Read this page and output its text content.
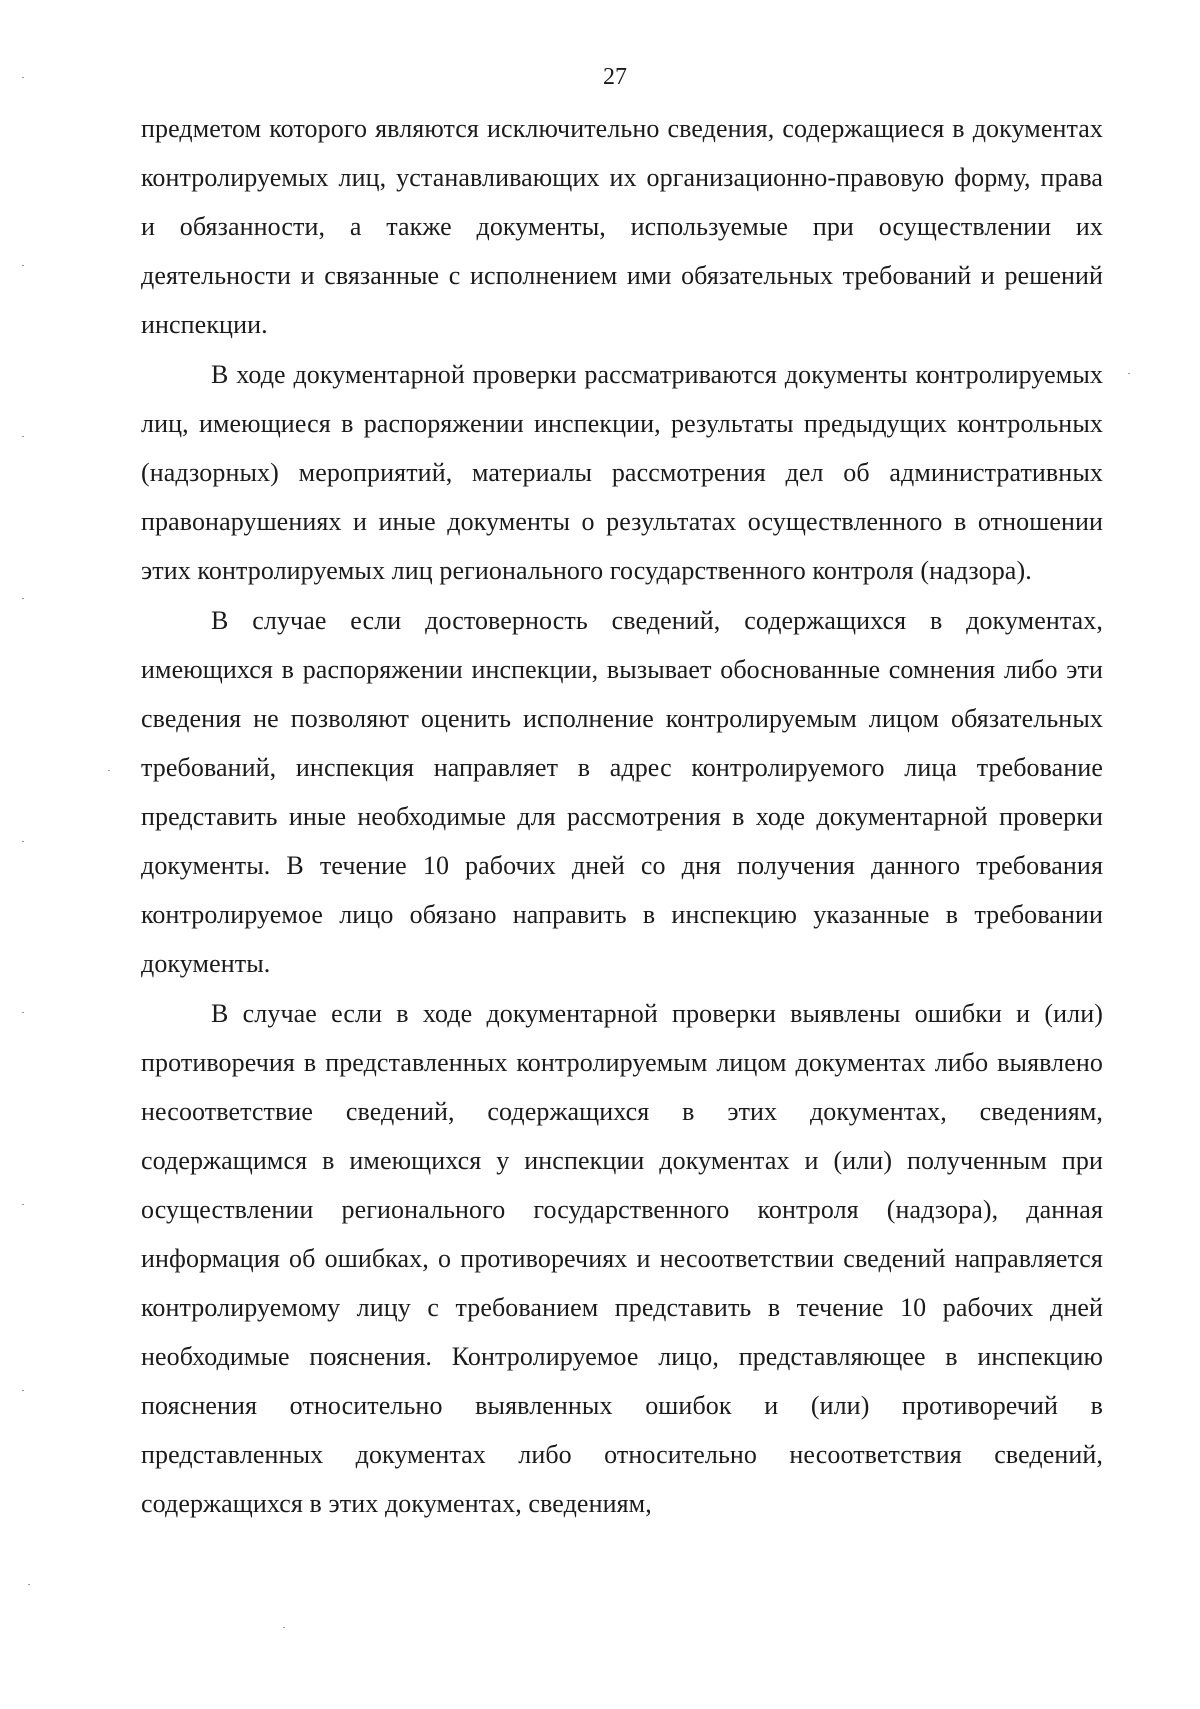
27

предметом которого являются исключительно сведения, содержащиеся в документах контролируемых лиц, устанавливающих их организационно-правовую форму, права и обязанности, а также документы, используемые при осуществлении их деятельности и связанные с исполнением ими обязательных требований и решений инспекции.

В ходе документарной проверки рассматриваются документы контролируемых лиц, имеющиеся в распоряжении инспекции, результаты предыдущих контрольных (надзорных) мероприятий, материалы рассмотрения дел об административных правонарушениях и иные документы о результатах осуществленного в отношении этих контролируемых лиц регионального государственного контроля (надзора).

В случае если достоверность сведений, содержащихся в документах, имеющихся в распоряжении инспекции, вызывает обоснованные сомнения либо эти сведения не позволяют оценить исполнение контролируемым лицом обязательных требований, инспекция направляет в адрес контролируемого лица требование представить иные необходимые для рассмотрения в ходе документарной проверки документы. В течение 10 рабочих дней со дня получения данного требования контролируемое лицо обязано направить в инспекцию указанные в требовании документы.

В случае если в ходе документарной проверки выявлены ошибки и (или) противоречия в представленных контролируемым лицом документах либо выявлено несоответствие сведений, содержащихся в этих документах, сведениям, содержащимся в имеющихся у инспекции документах и (или) полученным при осуществлении регионального государственного контроля (надзора), данная информация об ошибках, о противоречиях и несоответствии сведений направляется контролируемому лицу с требованием представить в течение 10 рабочих дней необходимые пояснения. Контролируемое лицо, представляющее в инспекцию пояснения относительно выявленных ошибок и (или) противоречий в представленных документах либо относительно несоответствия сведений, содержащихся в этих документах, сведениям,
